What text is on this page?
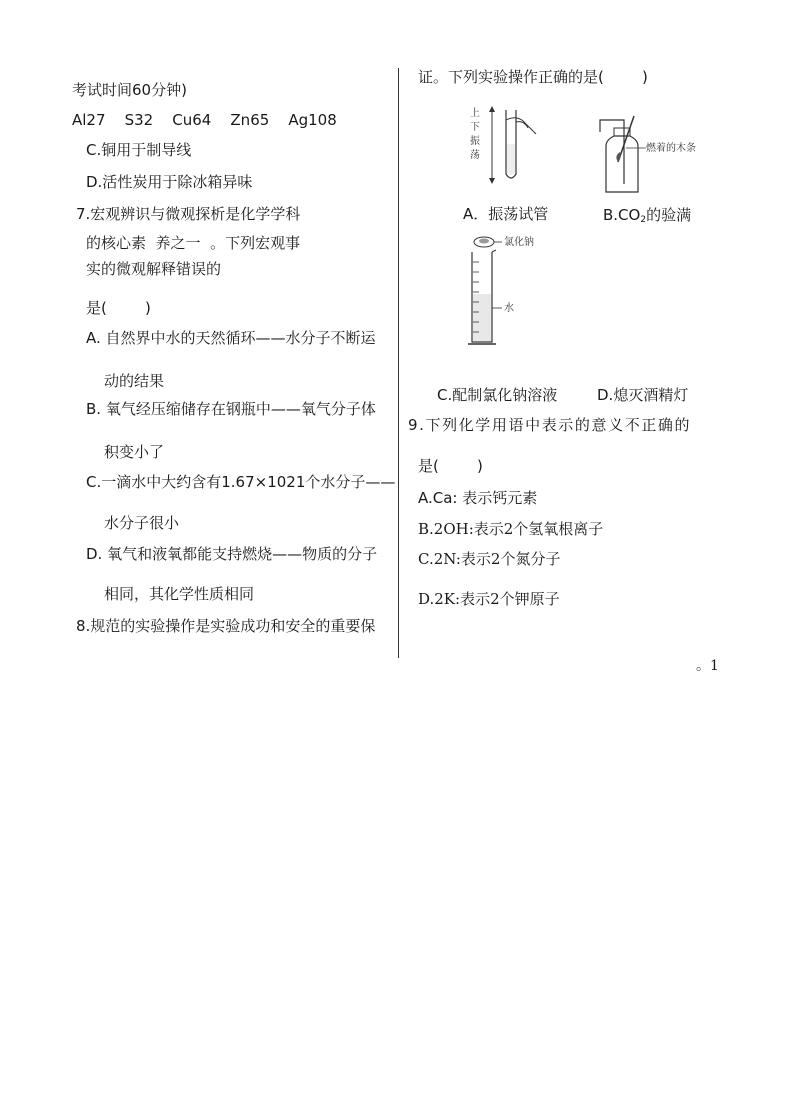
考试时间60分钟)
Al27    S32    Cu64    Zn65    Ag108
C.铜用于制导线
D.活性炭用于除冰箱异味
7.宏观辨识与微观探析是化学学科
的核心素  养之一  。下列宏观事
实的微观解释错误的
是(        )
A. 自然界中水的天然循环——水分子不断运
动的结果
B. 氧气经压缩储存在钢瓶中——氧气分子体
积变小了
C.一滴水中大约含有1.67×1021个水分子——
水分子很小
D. 氧气和液氧都能支持燃烧——物质的分子
相同，其化学性质相同
8.规范的实验操作是实验成功和安全的重要保
证。下列实验操作正确的是(        )
上
下
振
荡
A．振荡试管
燃着的木条
$B.CO_2$的验满
氯化钠
水
C.配制氯化钠溶液	D.熄灭酒精灯
9.下列化学用语中表示的意义不正确的
是(        )
A.Ca: 表示钙元素
B.2OH:表示2个氢氧根离子
C.2N:表示2个氮分子
D.2K:表示2个钾原子
。1
